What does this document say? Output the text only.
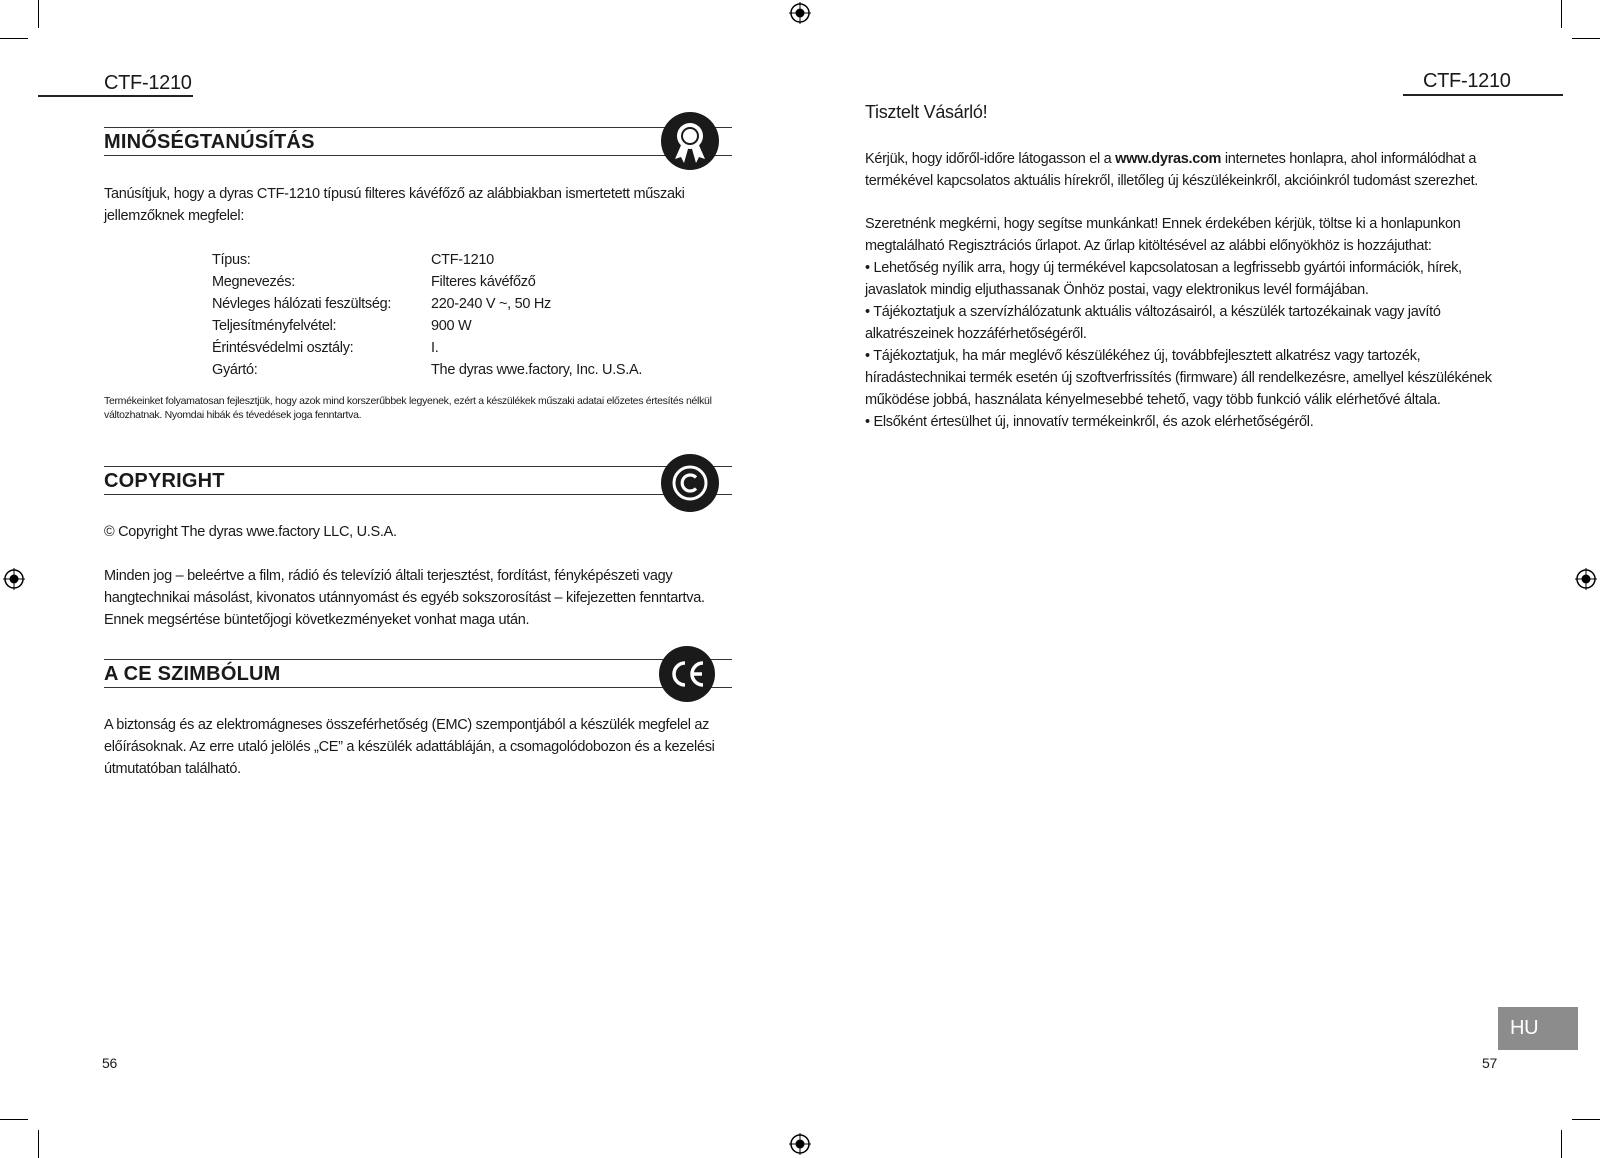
CTF-1210
MINŐSÉGTANÚSÍTÁS
Tanúsítjuk, hogy a dyras CTF-1210 típusú filteres kávéfőző az alábbiakban ismertetett műszaki jellemzőknek megfelel:
Típus:	CTF-1210
Megnevezés:	Filteres kávéfőző
Névleges hálózati feszültség:	220-240 V ~, 50 Hz
Teljesítményfelvétel:	900 W
Érintésvédelmi osztály:	I.
Gyártó:	The dyras wwe.factory, Inc. U.S.A.
Termékeinket folyamatosan fejlesztjük, hogy azok mind korszerűbbek legyenek, ezért a készülékek műszaki adatai előzetes értesítés nélkül változhatnak. Nyomdai hibák és tévedések joga fenntartva.
COPYRIGHT
© Copyright The dyras wwe.factory LLC, U.S.A.
Minden jog – beleértve a film, rádió és televízió általi terjesztést, fordítást, fényképészeti vagy hangtechnikai másolást, kivonatos utánnyomást és egyéb sokszorosítást – kifejezetten fenntartva. Ennek megsértése büntetőjogi következményeket vonhat maga után.
A CE SZIMBÓLUM
A biztonság és az elektromágneses összeférhetőség (EMC) szempontjából a készülék megfelel az előírásoknak. Az erre utaló jelölés „CE” a készülék adattábláján, a csomagolódobozon és a kezelési útmutatóban található.
56
CTF-1210
Tisztelt Vásárló!
Kérjük, hogy időről-időre látogasson el a www.dyras.com internetes honlapra, ahol informálódhat a termékével kapcsolatos aktuális hírekről, illetőleg új készülékeinkről, akcióinkról tudomást szerezhet.
Szeretnénk megkérni, hogy segítse munkánkat! Ennek érdekében kérjük, töltse ki a honlapunkon megtalálható Regisztrációs űrlapot. Az űrlap kitöltésével az alábbi előnyökhöz is hozzájuthat:
• Lehetőség nyílik arra, hogy új termékével kapcsolatosan a legfrissebb gyártói információk, hírek, javaslatok mindig eljuthassanak Önhöz postai, vagy elektronikus levél formájában.
• Tájékoztatjuk a szervízhálózatunk aktuális változásairól, a készülék tartozékainak vagy javító alkatrészeinek hozzáférhetőségéről.
• Tájékoztatjuk, ha már meglévő készülékéhez új, továbbfejlesztett alkatrész vagy tartozék, híradástechnikai termék esetén új szoftverfrissítés (firmware) áll rendelkezésre, amellyel készülékének működése jobbá, használata kényelmesebbé tehető, vagy több funkció válik elérhetővé általa.
• Elsőként értesülhet új, innovatív termékeinkről, és azok elérhetőségéről.
HU
57
